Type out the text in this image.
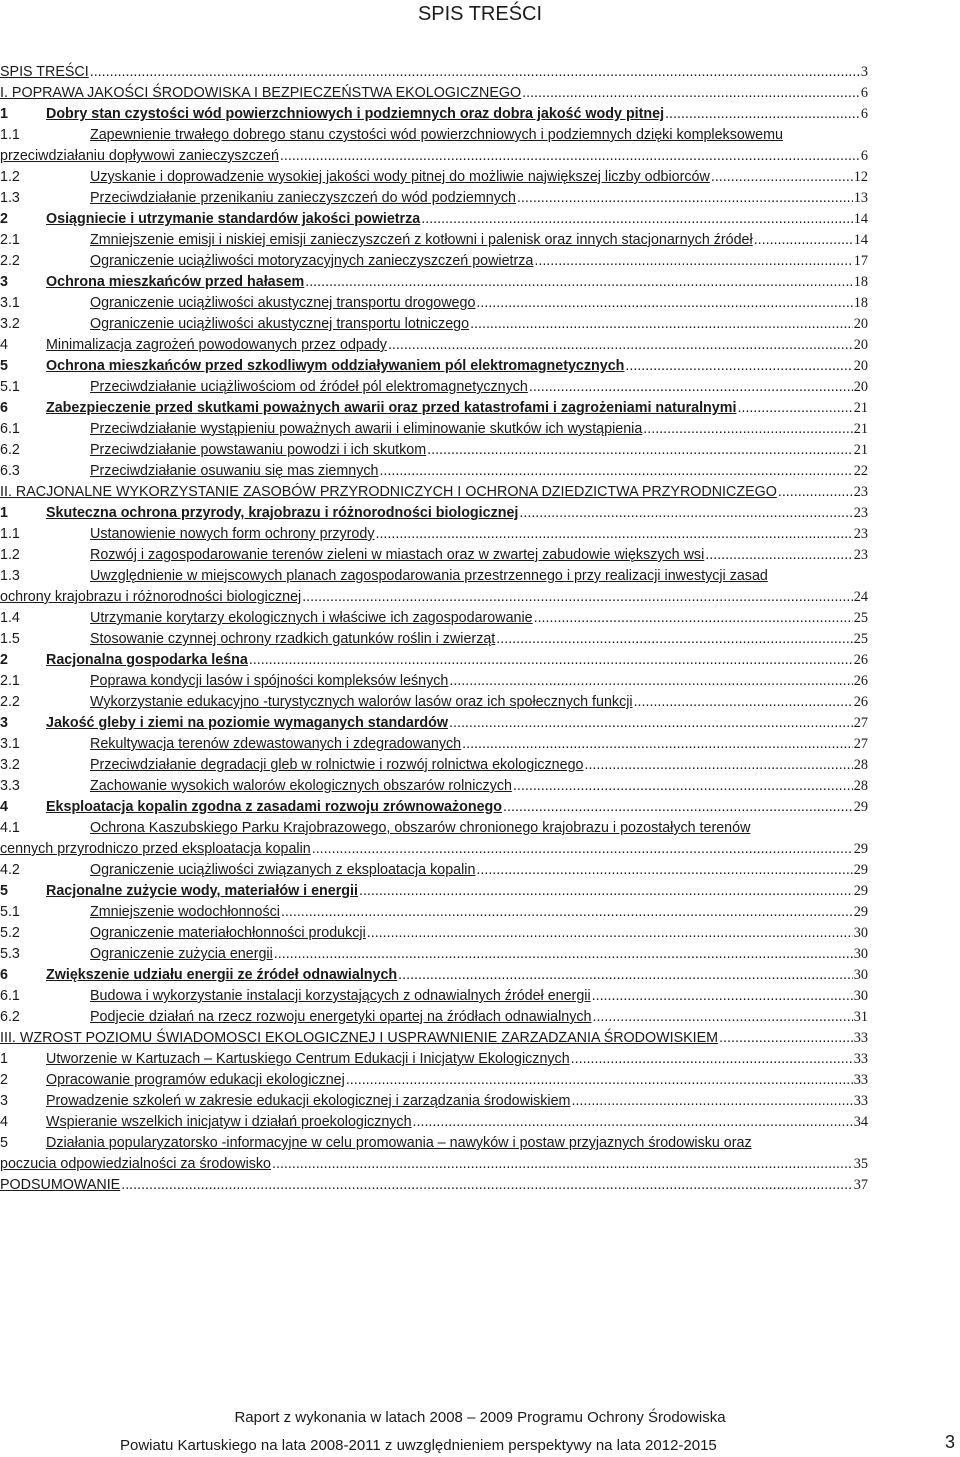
SPIS TREŚCI
SPIS TREŚCI .....	3
I. POPRAWA JAKOŚCI ŚRODOWISKA I BEZPIECZEŃSTWA EKOLOGICZNEGO .....	6
1	Dobry stan czystości wód powierzchniowych i podziemnych oraz dobra jakość wody pitnej .....	6
1.1	Zapewnienie trwałego dobrego stanu czystości wód powierzchniowych i podziemnych dzięki kompleksowemu
przeciwdziałaniu dopływowi zanieczyszczeń .....	6
1.2	Uzyskanie i doprowadzenie wysokiej jakości wody pitnej do możliwie największej liczby odbiorców .....	12
1.3	Przeciwdziałanie przenikaniu zanieczyszczeń do wód podziemnych .....	13
2	Osiągniecie i utrzymanie standardów jakości powietrza .....	14
2.1	Zmniejszenie emisji i niskiej emisji zanieczyszczeń z kotłowni i palenisk oraz innych stacjonarnych źródeł .....	14
2.2	Ograniczenie uciążliwości motoryzacyjnych zanieczyszczeń powietrza .....	17
3	Ochrona mieszkańców przed hałasem .....	18
3.1	Ograniczenie uciążliwości akustycznej transportu drogowego .....	18
3.2	Ograniczenie uciążliwości akustycznej transportu lotniczego .....	20
4	Minimalizacja zagrożeń powodowanych przez odpady .....	20
5	Ochrona mieszkańców przed szkodliwym oddziaływaniem pól elektromagnetycznych .....	20
5.1	Przeciwdziałanie uciążliwościom od źródeł pól elektromagnetycznych .....	20
6	Zabezpieczenie przed skutkami poważnych awarii oraz przed katastrofami i zagrożeniami naturalnymi .....	21
6.1	Przeciwdziałanie wystąpieniu poważnych awarii i eliminowanie skutków ich wystąpienia .....	21
6.2	Przeciwdziałanie powstawaniu powodzi i ich skutkom .....	21
6.3	Przeciwdziałanie osuwaniu się mas ziemnych .....	22
II. RACJONALNE WYKORZYSTANIE ZASOBÓW PRZYRODNICZYCH I OCHRONA DZIEDZICTWA PRZYRODNICZEGO .....	23
1	Skuteczna ochrona przyrody, krajobrazu i różnorodności biologicznej .....	23
1.1	Ustanowienie nowych form ochrony przyrody .....	23
1.2	Rozwój i zagospodarowanie terenów zieleni w miastach oraz w zwartej zabudowie większych wsi .....	23
1.3	Uwzględnienie w miejscowych planach zagospodarowania przestrzennego i przy realizacji inwestycji zasad
ochrony krajobrazu i różnorodności biologicznej .....	24
1.4	Utrzymanie korytarzy ekologicznych i właściwe ich zagospodarowanie .....	25
1.5	Stosowanie czynnej ochrony rzadkich gatunków roślin i zwierząt .....	25
2	Racjonalna gospodarka leśna .....	26
2.1	Poprawa kondycji lasów i spójności kompleksów leśnych .....	26
2.2	Wykorzystanie edukacyjno -turystycznych walorów lasów oraz ich społecznych funkcji .....	26
3	Jakość gleby i ziemi na poziomie wymaganych standardów .....	27
3.1	Rekultywacja terenów zdewastowanych i zdegradowanych .....	27
3.2	Przeciwdziałanie degradacji gleb w rolnictwie i rozwój rolnictwa ekologicznego .....	28
3.3	Zachowanie wysokich walorów ekologicznych obszarów rolniczych .....	28
4	Eksploatacja kopalin zgodna z zasadami rozwoju zrównoważonego .....	29
4.1	Ochrona Kaszubskiego Parku Krajobrazowego, obszarów chronionego krajobrazu i pozostałych terenów
cennych przyrodniczo przed eksploatacja kopalin .....	29
4.2	Ograniczenie uciążliwości związanych z eksploatacja kopalin .....	29
5	Racjonalne zużycie wody, materiałów i energii .....	29
5.1	Zmniejszenie wodochłonności .....	29
5.2	Ograniczenie materiałochłonności produkcji .....	30
5.3	Ograniczenie zużycia energii .....	30
6	Zwiększenie udziału energii ze źródeł odnawialnych .....	30
6.1	Budowa i wykorzystanie instalacji korzystających z odnawialnych źródeł energii .....	30
6.2	Podjecie działań na rzecz rozwoju energetyki opartej na źródłach odnawialnych .....	31
III. WZROST POZIOMU ŚWIADOMOSCI EKOLOGICZNEJ I USPRAWNIENIE ZARZADZANIA ŚRODOWISKIEM .....	33
1	Utworzenie w Kartuzach – Kartuskiego Centrum Edukacji i Inicjatyw Ekologicznych .....	33
2	Opracowanie programów edukacji ekologicznej .....	33
3	Prowadzenie szkoleń w zakresie edukacji ekologicznej i zarządzania środowiskiem .....	33
4	Wspieranie wszelkich inicjatyw i działań proekologicznych .....	34
5	Działania popularyzatorsko -informacyjne w celu promowania – nawyków i postaw przyjaznych środowisku oraz
poczucia odpowiedzialności za środowisko .....	35
PODSUMOWANIE .....	37
Raport z wykonania w latach 2008 – 2009 Programu Ochrony Środowiska
Powiatu Kartuskiego na lata 2008-2011 z uwzględnieniem perspektywy na lata 2012-2015	3
